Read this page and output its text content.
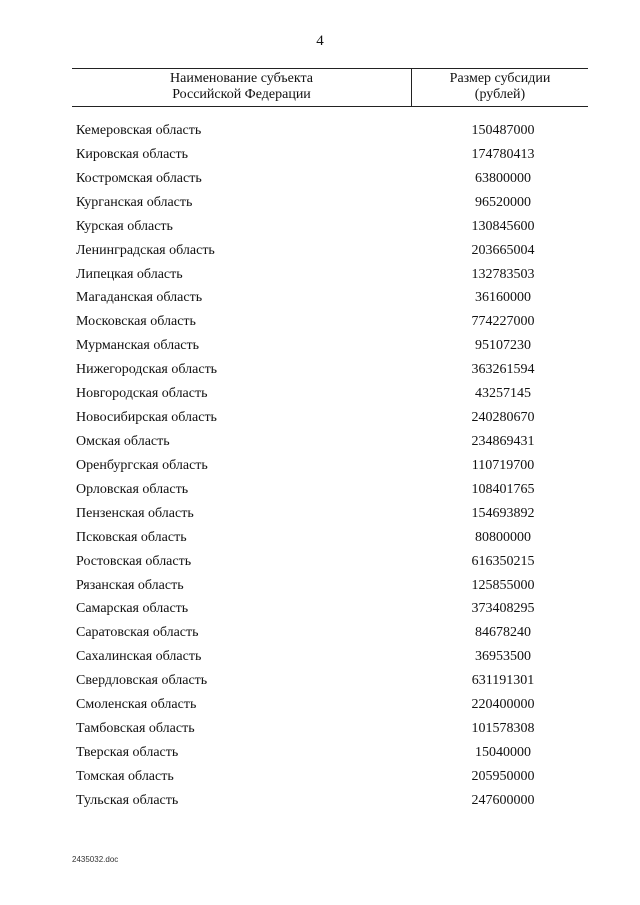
4
Наименование субъекта
Российской Федерации
Размер субсидии
(рублей)
Кемеровская область	150487000
Кировская область	174780413
Костромская область	63800000
Курганская область	96520000
Курская область	130845600
Ленинградская область	203665004
Липецкая область	132783503
Магаданская область	36160000
Московская область	774227000
Мурманская область	95107230
Нижегородская область	363261594
Новгородская область	43257145
Новосибирская область	240280670
Омская область	234869431
Оренбургская область	110719700
Орловская область	108401765
Пензенская область	154693892
Псковская область	80800000
Ростовская область	616350215
Рязанская область	125855000
Самарская область	373408295
Саратовская область	84678240
Сахалинская область	36953500
Свердловская область	631191301
Смоленская область	220400000
Тамбовская область	101578308
Тверская область	15040000
Томская область	205950000
Тульская область	247600000
2435032.doc
